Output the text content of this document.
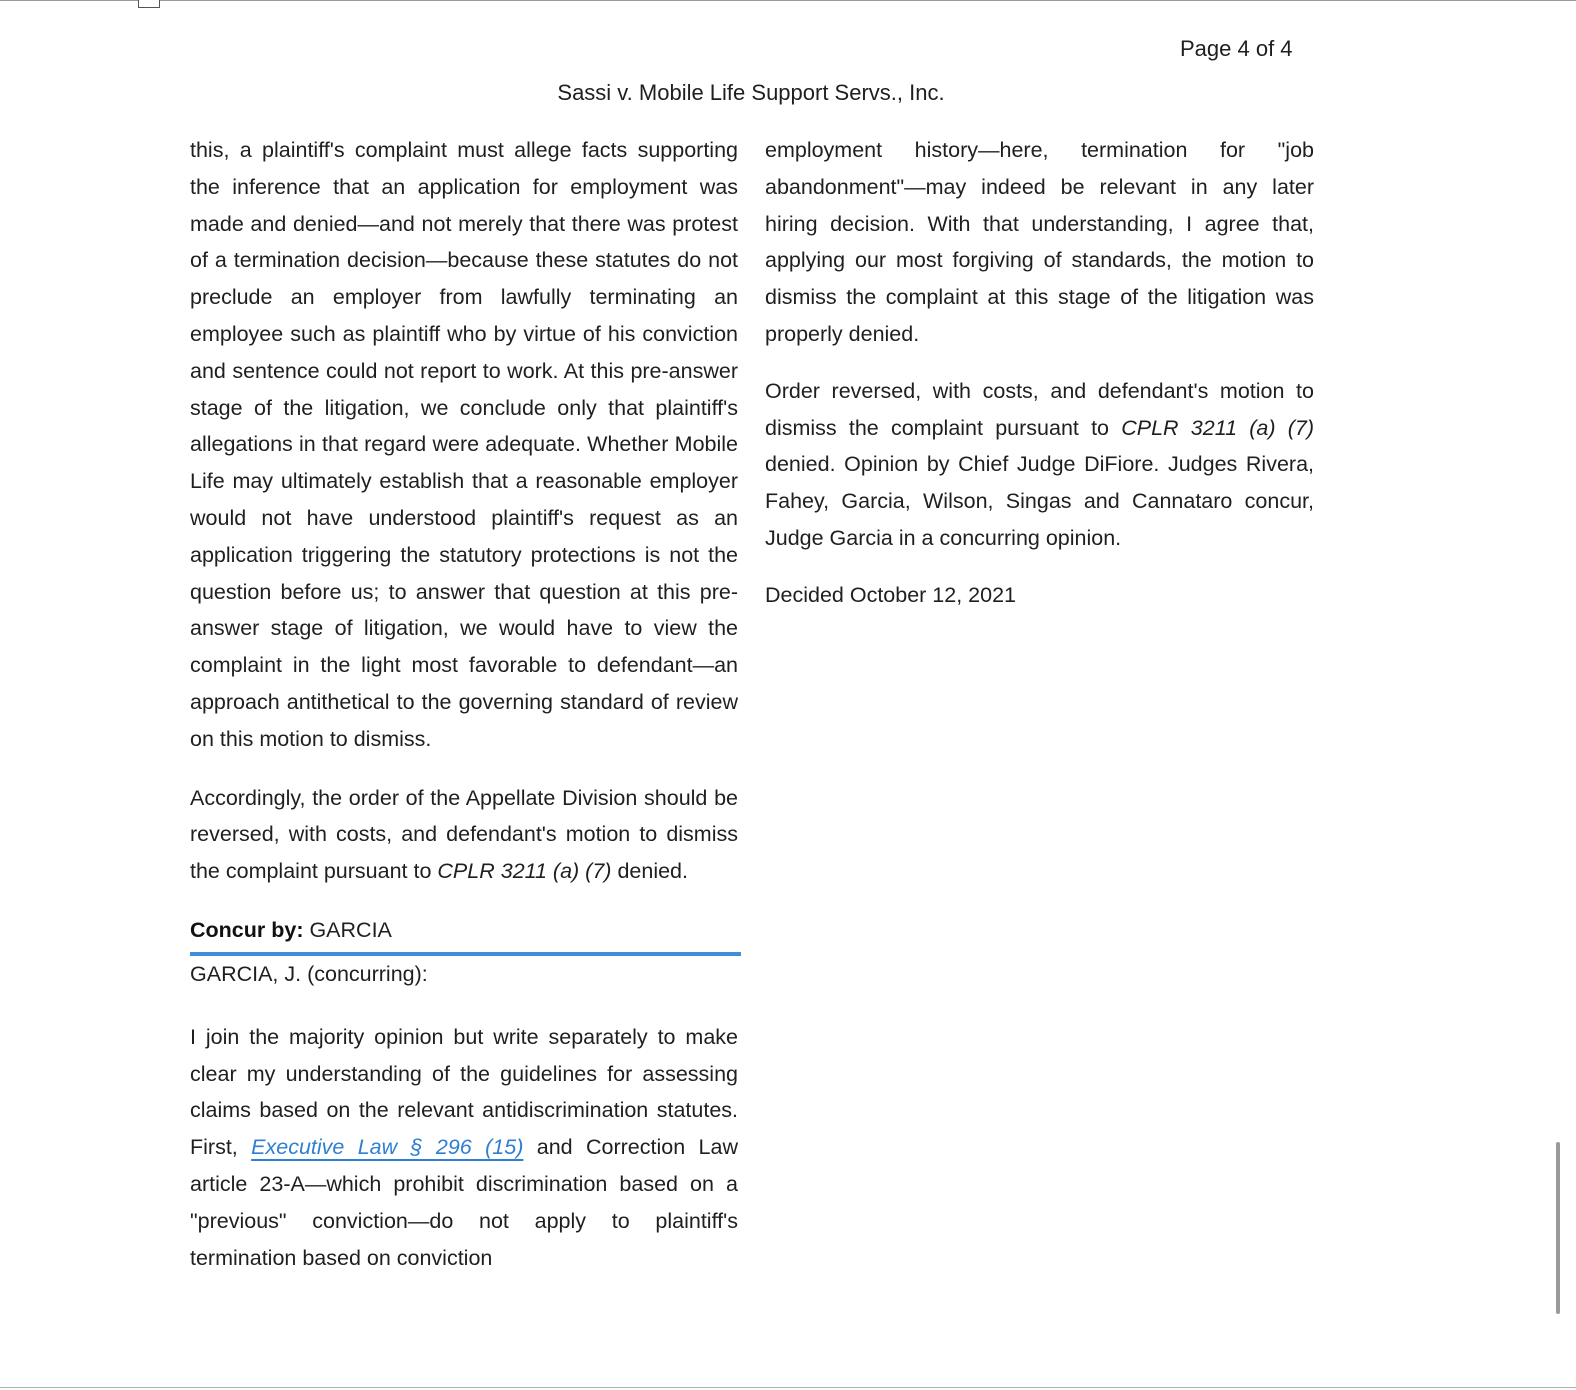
Page 4 of 4
Sassi v. Mobile Life Support Servs., Inc.

this, a plaintiff's complaint must allege facts supporting the inference that an application for employment was made and denied—and not merely that there was protest of a termination decision—because these statutes do not preclude an employer from lawfully terminating an employee such as plaintiff who by virtue of his conviction and sentence could not report to work. At this pre-answer stage of the litigation, we conclude only that plaintiff's allegations in that regard were adequate. Whether Mobile Life may ultimately establish that a reasonable employer would not have understood plaintiff's request as an application triggering the statutory protections is not the question before us; to answer that question at this pre-answer stage of litigation, we would have to view the complaint in the light most favorable to defendant—an approach antithetical to the governing standard of review on this motion to dismiss.

Accordingly, the order of the Appellate Division should be reversed, with costs, and defendant's motion to dismiss the complaint pursuant to CPLR 3211 (a) (7) denied.

Concur by: GARCIA

GARCIA, J. (concurring):

I join the majority opinion but write separately to make clear my understanding of the guidelines for assessing claims based on the relevant antidiscrimination statutes. First, Executive Law § 296 (15) and Correction Law article 23-A—which prohibit discrimination based on a "previous" conviction—do not apply to plaintiff's termination based on conviction

employment history—here, termination for "job abandonment"—may indeed be relevant in any later hiring decision. With that understanding, I agree that, applying our most forgiving of standards, the motion to dismiss the complaint at this stage of the litigation was properly denied.

Order reversed, with costs, and defendant's motion to dismiss the complaint pursuant to CPLR 3211 (a) (7) denied. Opinion by Chief Judge DiFiore. Judges Rivera, Fahey, Garcia, Wilson, Singas and Cannataro concur, Judge Garcia in a concurring opinion.

Decided October 12, 2021
